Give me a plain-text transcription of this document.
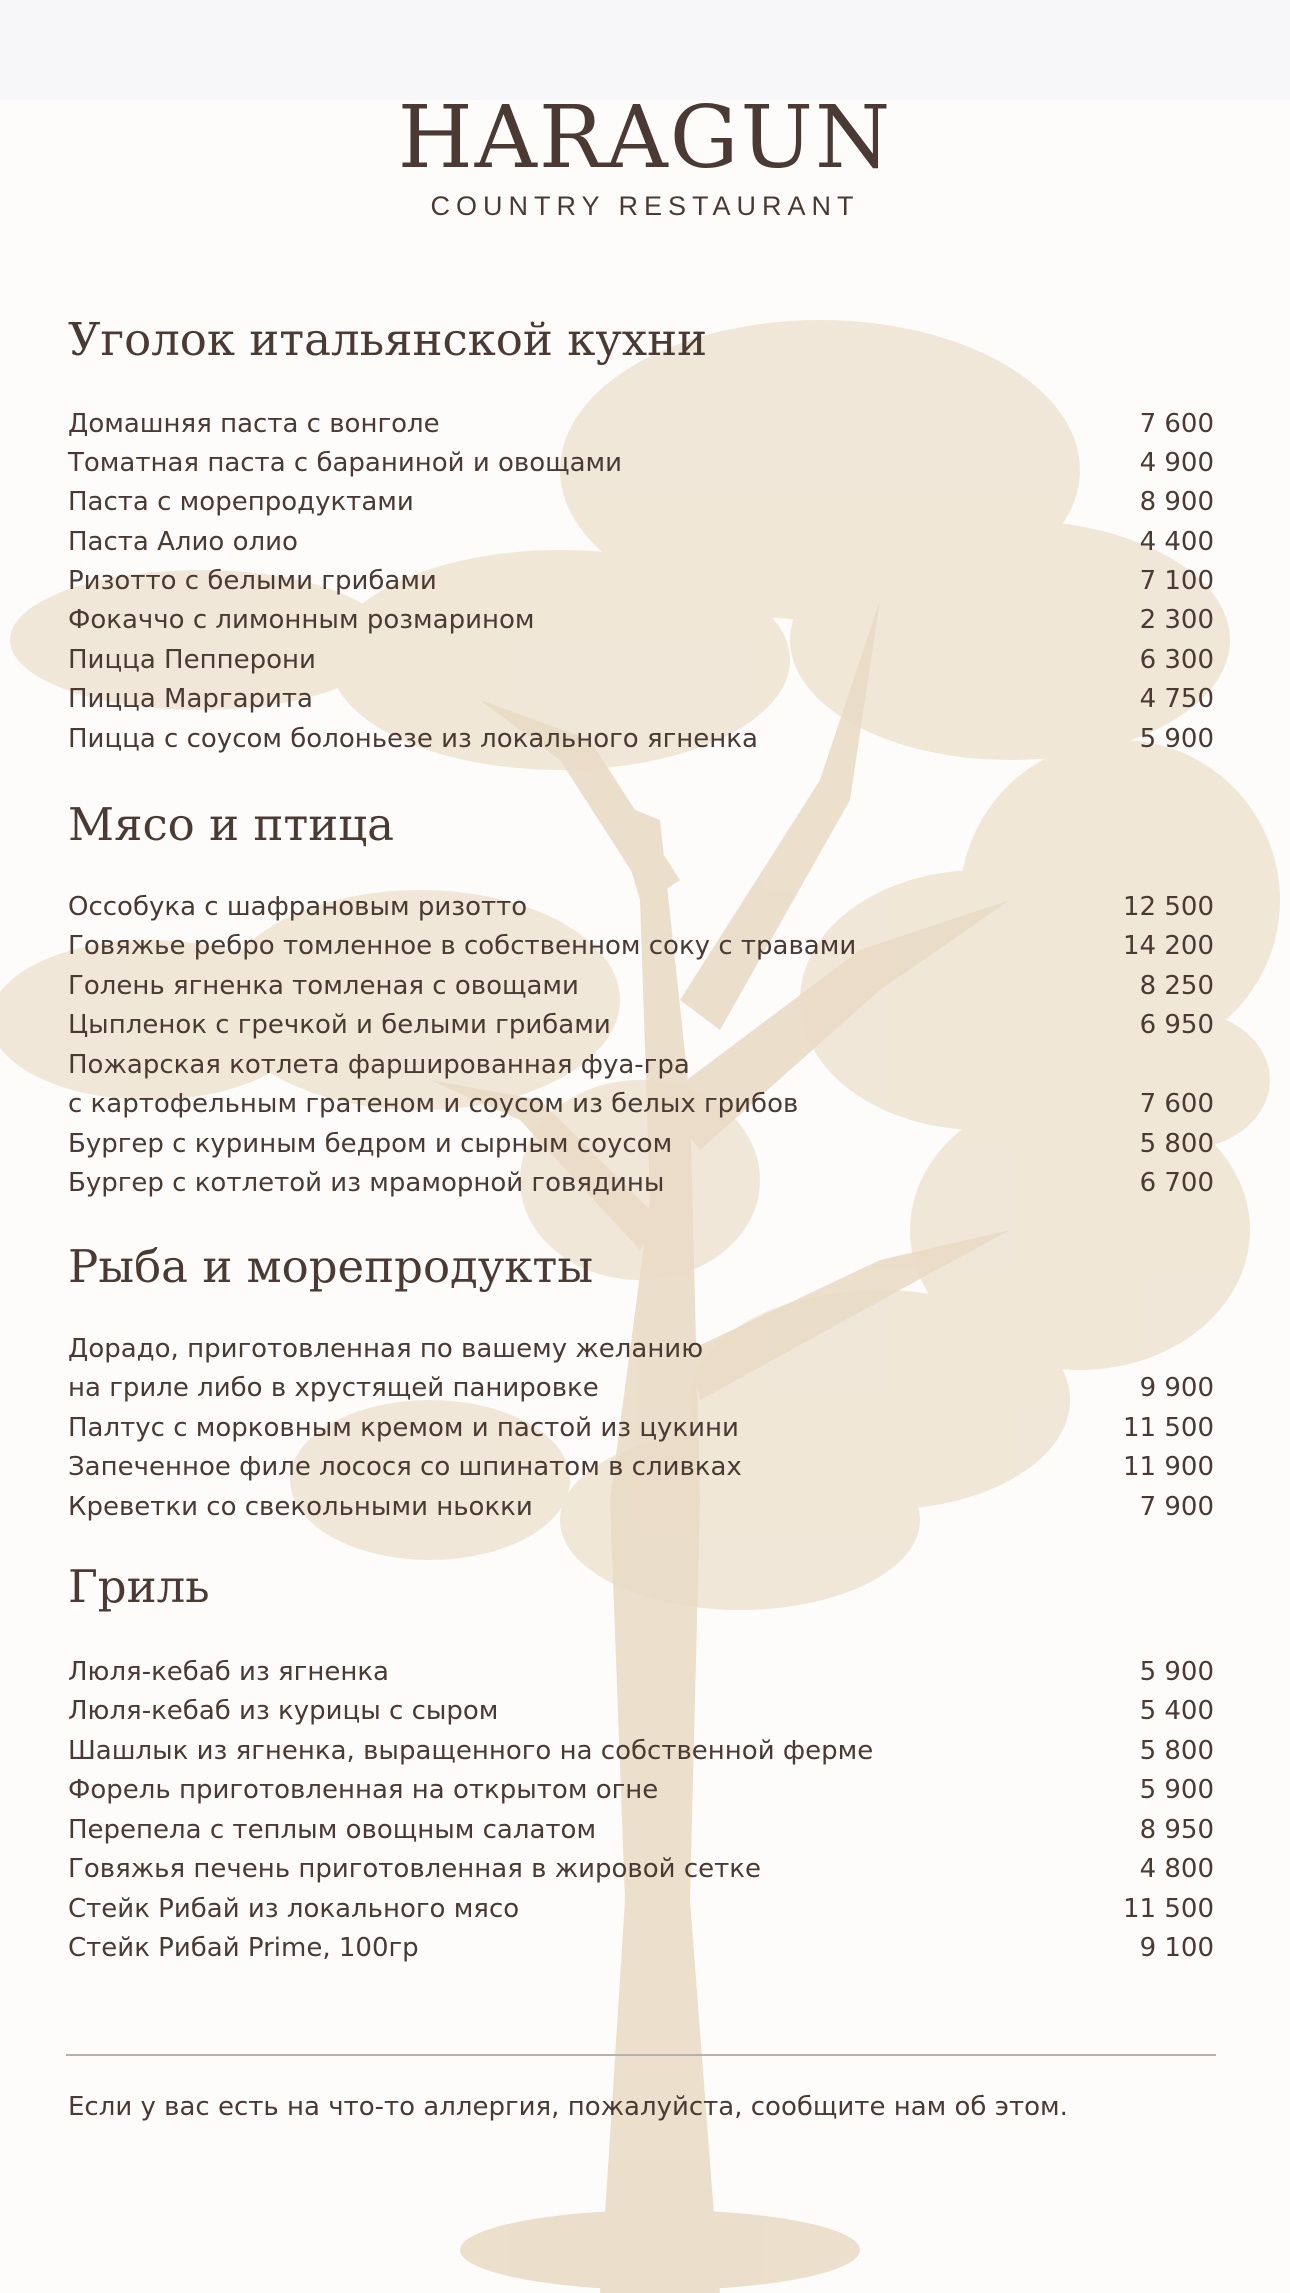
HARAGUN
COUNTRY RESTAURANT
Уголок итальянской кухни
Домашняя паста с вонголе	7 600
Томатная паста с бараниной и овощами	4 900
Паста с морепродуктами	8 900
Паста Алио олио	4 400
Ризотто с белыми грибами	7 100
Фокаччо с лимонным розмарином	2 300
Пицца Пепперони	6 300
Пицца Маргарита	4 750
Пицца с соусом болоньезе из локального ягненка	5 900
Мясо и птица
Оссобука с шафрановым ризотто	12 500
Говяжье ребро томленное в собственном соку с травами	14 200
Голень ягненка томленая с овощами	8 250
Цыпленок с гречкой и белыми грибами	6 950
Пожарская котлета фаршированная фуа-гра
с картофельным гратеном и соусом из белых грибов	7 600
Бургер с куриным бедром и сырным соусом	5 800
Бургер с котлетой из мраморной говядины	6 700
Рыба и морепродукты
Дорадо, приготовленная по вашему желанию
на гриле либо в хрустящей панировке	9 900
Палтус с морковным кремом и пастой из цукини	11 500
Запеченное филе лосося со шпинатом в сливках	11 900
Креветки со свекольными ньокки	7 900
Гриль
Люля-кебаб из ягненка	5 900
Люля-кебаб из курицы с сыром	5 400
Шашлык из ягненка, выращенного на собственной ферме	5 800
Форель приготовленная на открытом огне	5 900
Перепела с теплым овощным салатом	8 950
Говяжья печень приготовленная в жировой сетке	4 800
Стейк Рибай из локального мясо	11 500
Стейк Рибай Prime, 100гр	9 100
Если у вас есть на что-то аллергия, пожалуйста, сообщите нам об этом.
